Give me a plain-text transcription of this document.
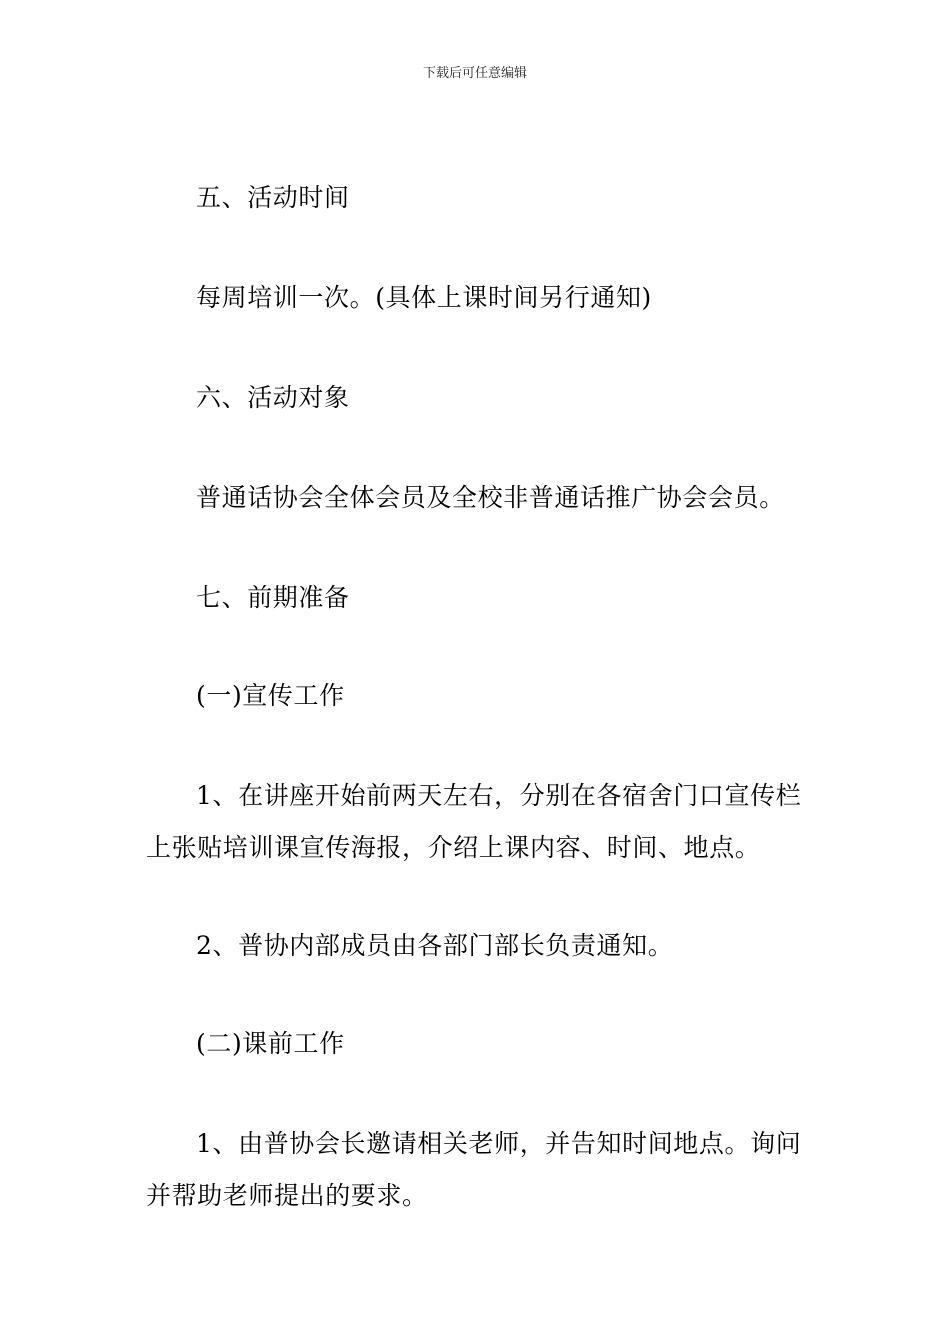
下载后可任意编辑

五、活动时间

每周培训一次。(具体上课时间另行通知)

六、活动对象

普通话协会全体会员及全校非普通话推广协会会员。

七、前期准备

(一)宣传工作

1、在讲座开始前两天左右，分别在各宿舍门口宣传栏上张贴培训课宣传海报，介绍上课内容、时间、地点。

2、普协内部成员由各部门部长负责通知。

(二)课前工作

1、由普协会长邀请相关老师，并告知时间地点。询问并帮助老师提出的要求。
